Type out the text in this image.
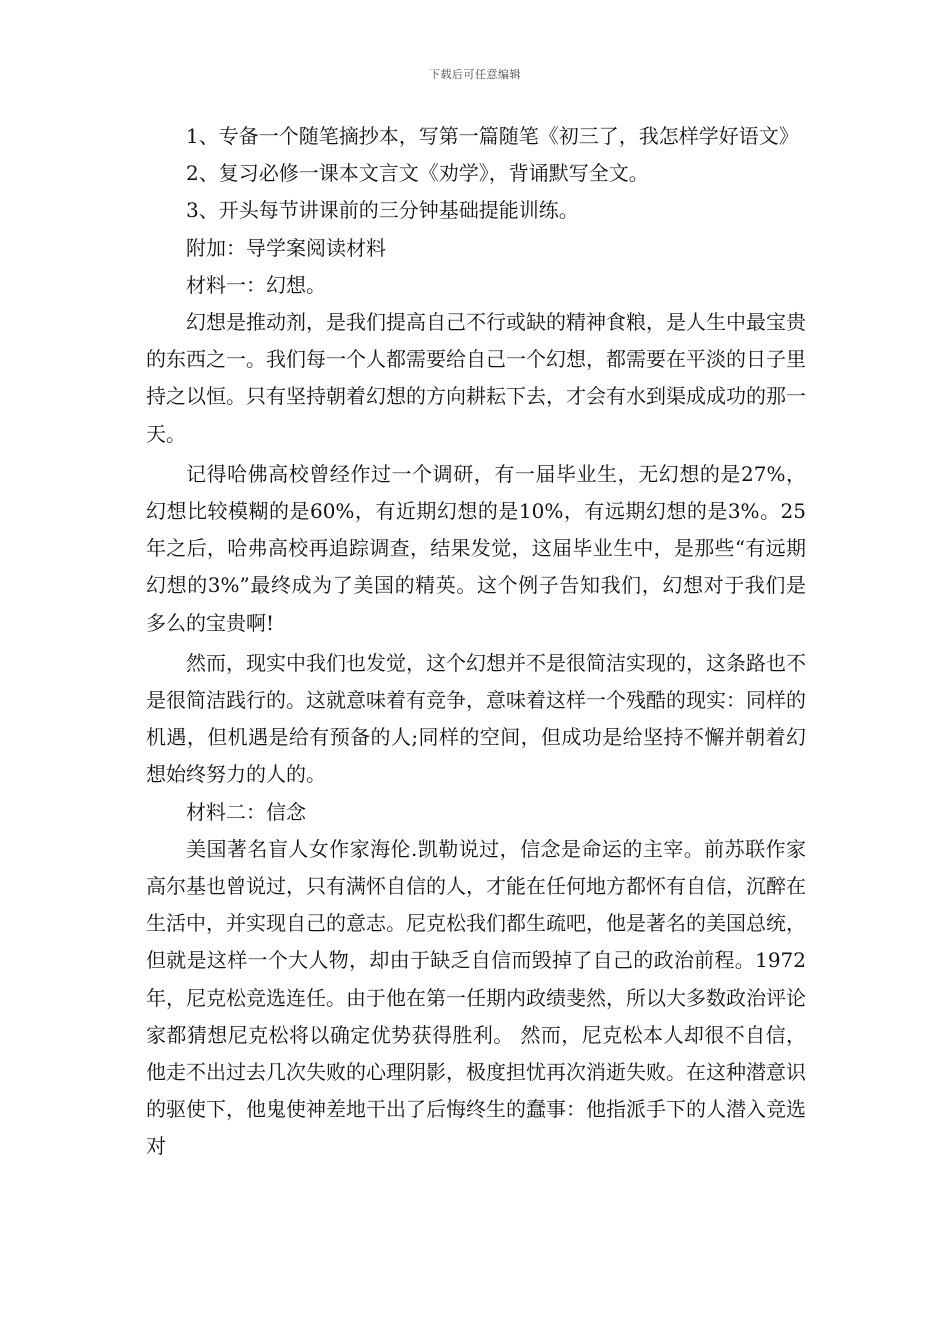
下载后可任意编辑

1、专备一个随笔摘抄本，写第一篇随笔《初三了，我怎样学好语文》

2、复习必修一课本文言文《劝学》，背诵默写全文。

3、开头每节讲课前的三分钟基础提能训练。

附加：导学案阅读材料

材料一：幻想。

幻想是推动剂，是我们提高自己不行或缺的精神食粮，是人生中最宝贵的东西之一。我们每一个人都需要给自己一个幻想，都需要在平淡的日子里持之以恒。只有坚持朝着幻想的方向耕耘下去，才会有水到渠成成功的那一天。

记得哈佛高校曾经作过一个调研，有一届毕业生，无幻想的是27%，幻想比较模糊的是60%，有近期幻想的是10%，有远期幻想的是3%。25年之后，哈弗高校再追踪调查，结果发觉，这届毕业生中，是那些“有远期幻想的3%”最终成为了美国的精英。这个例子告知我们，幻想对于我们是多么的宝贵啊!

然而，现实中我们也发觉，这个幻想并不是很简洁实现的，这条路也不是很简洁践行的。这就意味着有竞争，意味着这样一个残酷的现实：同样的机遇，但机遇是给有预备的人;同样的空间，但成功是给坚持不懈并朝着幻想始终努力的人的。

材料二：信念

美国著名盲人女作家海伦.凯勒说过，信念是命运的主宰。前苏联作家高尔基也曾说过，只有满怀自信的人，才能在任何地方都怀有自信，沉醉在生活中，并实现自己的意志。尼克松我们都生疏吧，他是著名的美国总统，但就是这样一个大人物，却由于缺乏自信而毁掉了自己的政治前程。1972年，尼克松竞选连任。由于他在第一任期内政绩斐然，所以大多数政治评论家都猜想尼克松将以确定优势获得胜利。 然而，尼克松本人却很不自信，他走不出过去几次失败的心理阴影，极度担忧再次消逝失败。在这种潜意识的驱使下，他鬼使神差地干出了后悔终生的蠢事：他指派手下的人潜入竞选对
